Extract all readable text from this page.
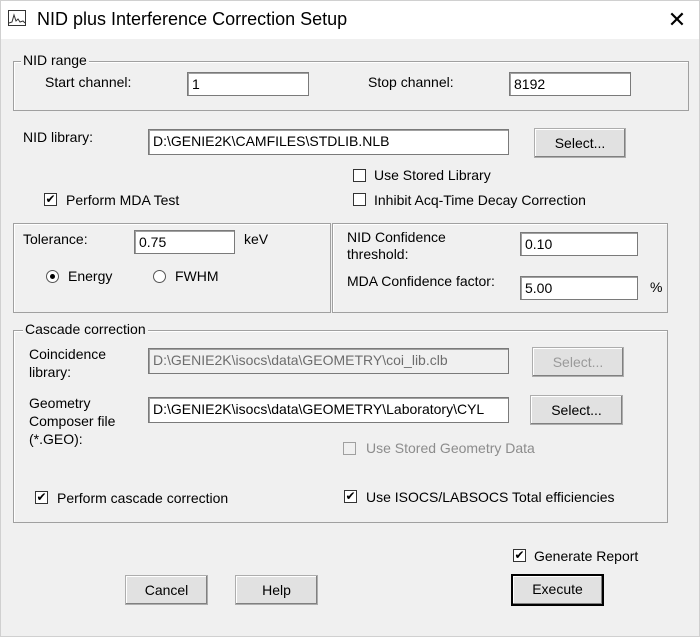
NID plus Interference Correction Setup	✕
NID range
Start channel:	1	Stop channel:	8192
NID library:	D:\GENIE2K\CAMFILES\STDLIB.NLB	Select...
Use Stored Library
✔ Perform MDA Test	Inhibit Acq-Time Decay Correction
Tolerance:	0.75	keV
Energy	FWHM
NID Confidence
threshold:
0.10
MDA Confidence factor:	5.00	%
Cascade correction
Coincidence
library:
D:\GENIE2K\isocs\data\GEOMETRY\coi_lib.clb	Select...
Geometry
Composer file
(*.GEO):
D:\GENIE2K\isocs\data\GEOMETRY\Laboratory\CYL	Select...
Use Stored Geometry Data
✔ Perform cascade correction	✔ Use ISOCS/LABSOCS Total efficiencies
✔ Generate Report
Cancel	Help	Execute
